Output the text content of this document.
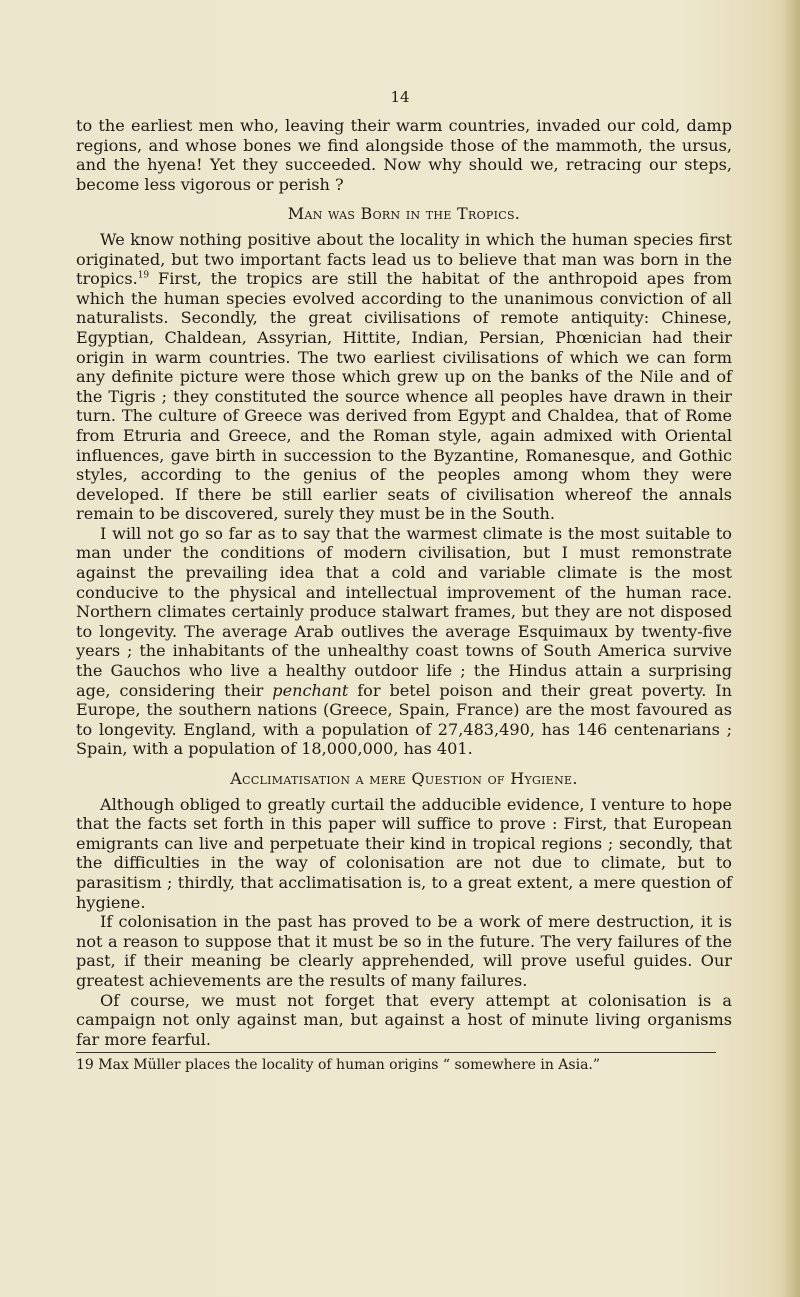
14

to the earliest men who, leaving their warm countries, invaded our cold, damp regions, and whose bones we find alongside those of the mammoth, the ursus, and the hyena! Yet they succeeded. Now why should we, retracing our steps, become less vigorous or perish ?

Man was Born in the Tropics.

We know nothing positive about the locality in which the human species first originated, but two important facts lead us to believe that man was born in the tropics.$^{19}$ First, the tropics are still the habitat of the anthropoid apes from which the human species evolved according to the unanimous conviction of all naturalists. Secondly, the great civilisations of remote antiquity: Chinese, Egyptian, Chaldean, Assyrian, Hittite, Indian, Persian, Phœnician had their origin in warm countries. The two earliest civilisations of which we can form any definite picture were those which grew up on the banks of the Nile and of the Tigris ; they constituted the source whence all peoples have drawn in their turn. The culture of Greece was derived from Egypt and Chaldea, that of Rome from Etruria and Greece, and the Roman style, again admixed with Oriental influences, gave birth in succession to the Byzantine, Romanesque, and Gothic styles, according to the genius of the peoples among whom they were developed. If there be still earlier seats of civilisation whereof the annals remain to be discovered, surely they must be in the South.

I will not go so far as to say that the warmest climate is the most suitable to man under the conditions of modern civilisation, but I must remonstrate against the prevailing idea that a cold and variable climate is the most conducive to the physical and intellectual improvement of the human race. Northern climates certainly produce stalwart frames, but they are not disposed to longevity. The average Arab outlives the average Esquimaux by twenty-five years ; the inhabitants of the unhealthy coast towns of South America survive the Gauchos who live a healthy outdoor life ; the Hindus attain a surprising age, considering their penchant for betel poison and their great poverty. In Europe, the southern nations (Greece, Spain, France) are the most favoured as to longevity. England, with a population of 27,483,490, has 146 centenarians ; Spain, with a population of 18,000,000, has 401.

Acclimatisation a mere Question of Hygiene.

Although obliged to greatly curtail the adducible evidence, I venture to hope that the facts set forth in this paper will suffice to prove : First, that European emigrants can live and perpetuate their kind in tropical regions ; secondly, that the difficulties in the way of colonisation are not due to climate, but to parasitism ; thirdly, that acclimatisation is, to a great extent, a mere question of hygiene.

If colonisation in the past has proved to be a work of mere destruction, it is not a reason to suppose that it must be so in the future. The very failures of the past, if their meaning be clearly apprehended, will prove useful guides. Our greatest achievements are the results of many failures.

Of course, we must not forget that every attempt at colonisation is a campaign not only against man, but against a host of minute living organisms far more fearful.

19 Max Müller places the locality of human origins “ somewhere in Asia.”
